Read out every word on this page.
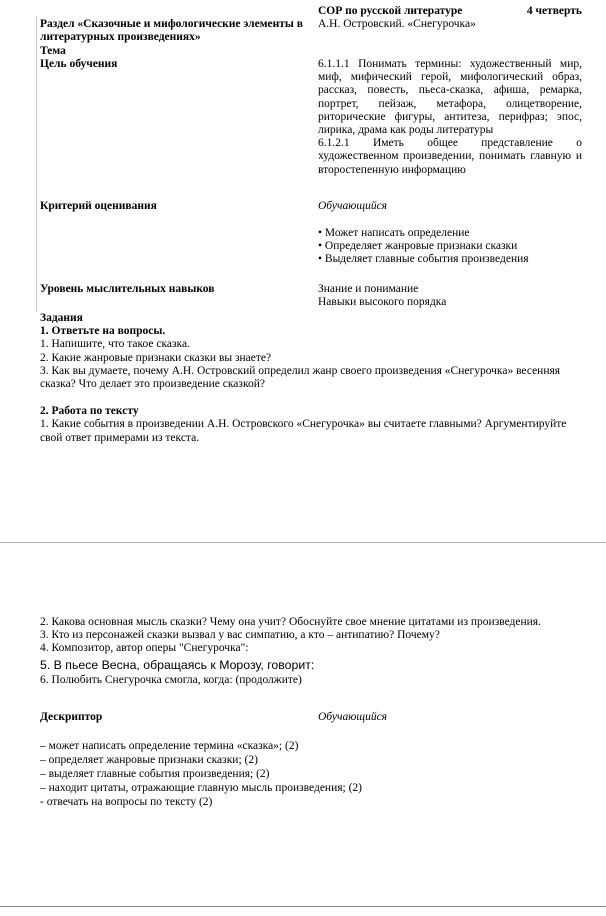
СОР по русской литературе	4 четверть
А.Н. Островский. «Снегурочка»
Раздел «Сказочные и мифологические элементы в литературных произведениях»
Тема
Цель обучения	6.1.1.1 Понимать термины: художественный мир, миф, мифический герой, мифологический образ, рассказ, повесть, пьеса-сказка, афиша, ремарка, портрет, пейзаж, метафора, олицетворение, риторические фигуры, антитеза, перифраз; эпос, лирика, драма как роды литературы

6.1.2.1 Иметь общее представление о художественном произведении, понимать главную и второстепенную информацию

Критерий оценивания	Обучающийся

• Может написать определение

• Определяет жанровые признаки сказки

• Выделяет главные события произведения

Уровень мыслительных навыков	Знание и понимание

Навыки высокого порядка

Задания

1. Ответьте на вопросы.

1. Напишите, что такое сказка.

2. Какие жанровые признаки сказки вы знаете?

3. Как вы думаете, почему А.Н. Островский определил жанр своего произведения «Снегурочка» весенняя сказка? Что делает это произведение сказкой?

2. Работа по тексту

1. Какие события в произведении А.Н. Островского «Снегурочка» вы считаете главными? Аргументируйте свой ответ примерами из текста.

2. Какова основная мысль сказки? Чему она учит? Обоснуйте свое мнение цитатами из произведения.

3. Кто из персонажей сказки вызвал у вас симпатию, а кто – антипатию? Почему?

4. Композитор, автор оперы "Снегурочка":

5. В пьесе Весна, обращаясь к Морозу, говорит:

6. Полюбить Снегурочка смогла, когда: (продолжите)

Дескриптор	Обучающийся

– может написать определение термина «сказка»; (2)

– определяет жанровые признаки сказки; (2)

– выделяет главные события произведения; (2)

– находит цитаты, отражающие главную мысль произведения; (2)

- отвечать на вопросы по тексту (2)
